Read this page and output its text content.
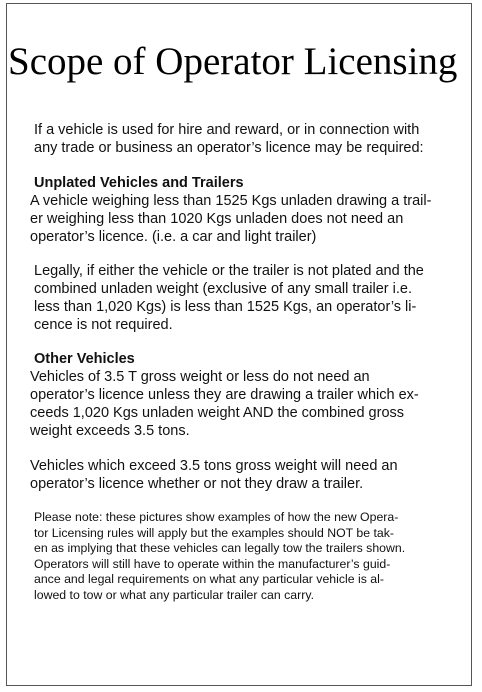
Scope of Operator Licensing

If a vehicle is used for hire and reward, or in connection with
any trade or business an operator’s licence may be required:

Unplated Vehicles and Trailers

A vehicle weighing less than 1525 Kgs unladen drawing a trail-
er weighing less than 1020 Kgs unladen does not need an
operator’s licence. (i.e. a car and light trailer)

Legally, if either the vehicle or the trailer is not plated and the
combined unladen weight (exclusive of any small trailer i.e.
less than 1,020 Kgs) is less than 1525 Kgs, an operator’s li-
cence is not required.

Other Vehicles

Vehicles of 3.5 T gross weight or less do not need an
operator’s licence unless they are drawing a trailer which ex-
ceeds 1,020 Kgs unladen weight AND the combined gross
weight exceeds 3.5 tons.

Vehicles which exceed 3.5 tons gross weight will need an
operator’s licence whether or not they draw a trailer.

Please note: these pictures show examples of how the new Opera-
tor Licensing rules will apply but the examples should NOT be tak-
en as implying that these vehicles can legally tow the trailers shown.
Operators will still have to operate within the manufacturer’s guid-
ance and legal requirements on what any particular vehicle is al-
lowed to tow or what any particular trailer can carry.
